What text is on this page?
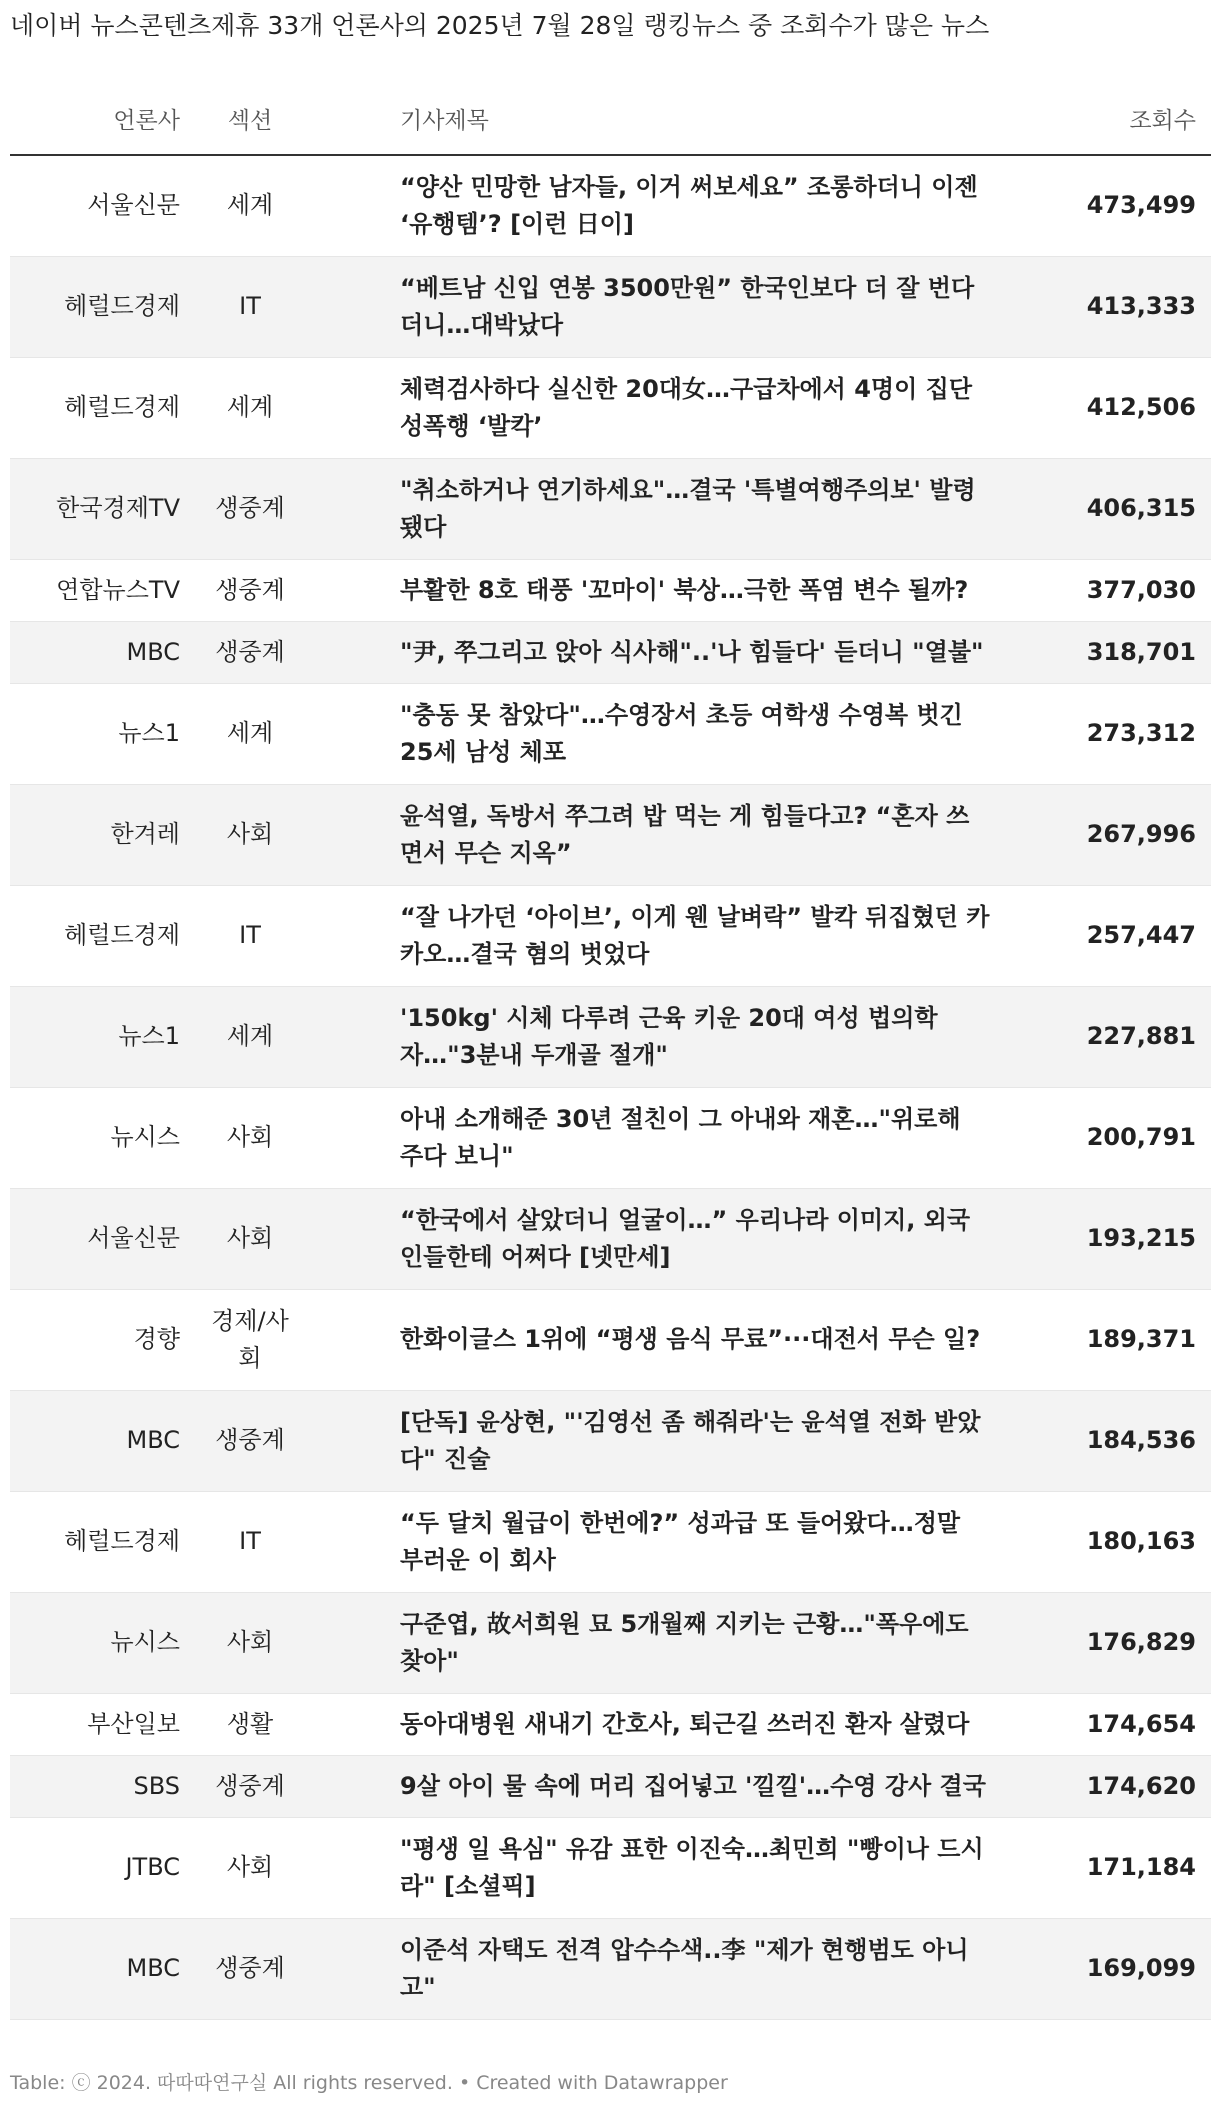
네이버 뉴스콘텐츠제휴 33개 언론사의 2025년 7월 28일 랭킹뉴스 중 조회수가 많은 뉴스
언론사	섹션	기사제목	조회수
서울신문	세계	“양산 민망한 남자들, 이거 써보세요” 조롱하더니 이젠 ‘유행템’? [이런 日이]	473,499
헤럴드경제	IT	“베트남 신입 연봉 3500만원” 한국인보다 더 잘 번다더니…대박났다	413,333
헤럴드경제	세계	체력검사하다 실신한 20대女…구급차에서 4명이 집단 성폭행 ‘발칵’	412,506
한국경제TV	생중계	"취소하거나 연기하세요"…결국 '특별여행주의보' 발령됐다	406,315
연합뉴스TV	생중계	부활한 8호 태풍 '꼬마이' 북상…극한 폭염 변수 될까?	377,030
MBC	생중계	"尹, 쭈그리고 앉아 식사해"..'나 힘들다' 듣더니 "열불"	318,701
뉴스1	세계	"충동 못 참았다"…수영장서 초등 여학생 수영복 벗긴 25세 남성 체포	273,312
한겨레	사회	윤석열, 독방서 쭈그려 밥 먹는 게 힘들다고? “혼자 쓰면서 무슨 지옥”	267,996
헤럴드경제	IT	“잘 나가던 ‘아이브’, 이게 웬 날벼락” 발칵 뒤집혔던 카카오…결국 혐의 벗었다	257,447
뉴스1	세계	'150kg' 시체 다루려 근육 키운 20대 여성 법의학자…"3분내 두개골 절개"	227,881
뉴시스	사회	아내 소개해준 30년 절친이 그 아내와 재혼…"위로해 주다 보니"	200,791
서울신문	사회	“한국에서 살았더니 얼굴이…” 우리나라 이미지, 외국인들한테 어쩌다 [넷만세]	193,215
경향	경제/사회	한화이글스 1위에 “평생 음식 무료”···대전서 무슨 일?	189,371
MBC	생중계	[단독] 윤상현, "'김영선 좀 해줘라'는 윤석열 전화 받았다" 진술	184,536
헤럴드경제	IT	“두 달치 월급이 한번에?” 성과급 또 들어왔다…정말 부러운 이 회사	180,163
뉴시스	사회	구준엽, 故서희원 묘 5개월째 지키는 근황…"폭우에도 찾아"	176,829
부산일보	생활	동아대병원 새내기 간호사, 퇴근길 쓰러진 환자 살렸다	174,654
SBS	생중계	9살 아이 물 속에 머리 집어넣고 '낄낄'…수영 강사 결국	174,620
JTBC	사회	"평생 일 욕심" 유감 표한 이진숙…최민희 "빵이나 드시라" [소셜픽]	171,184
MBC	생중계	이준석 자택도 전격 압수수색..李 "제가 현행범도 아니고"	169,099
Table: ⓒ 2024. 따따따연구실 All rights reserved. • Created with Datawrapper
